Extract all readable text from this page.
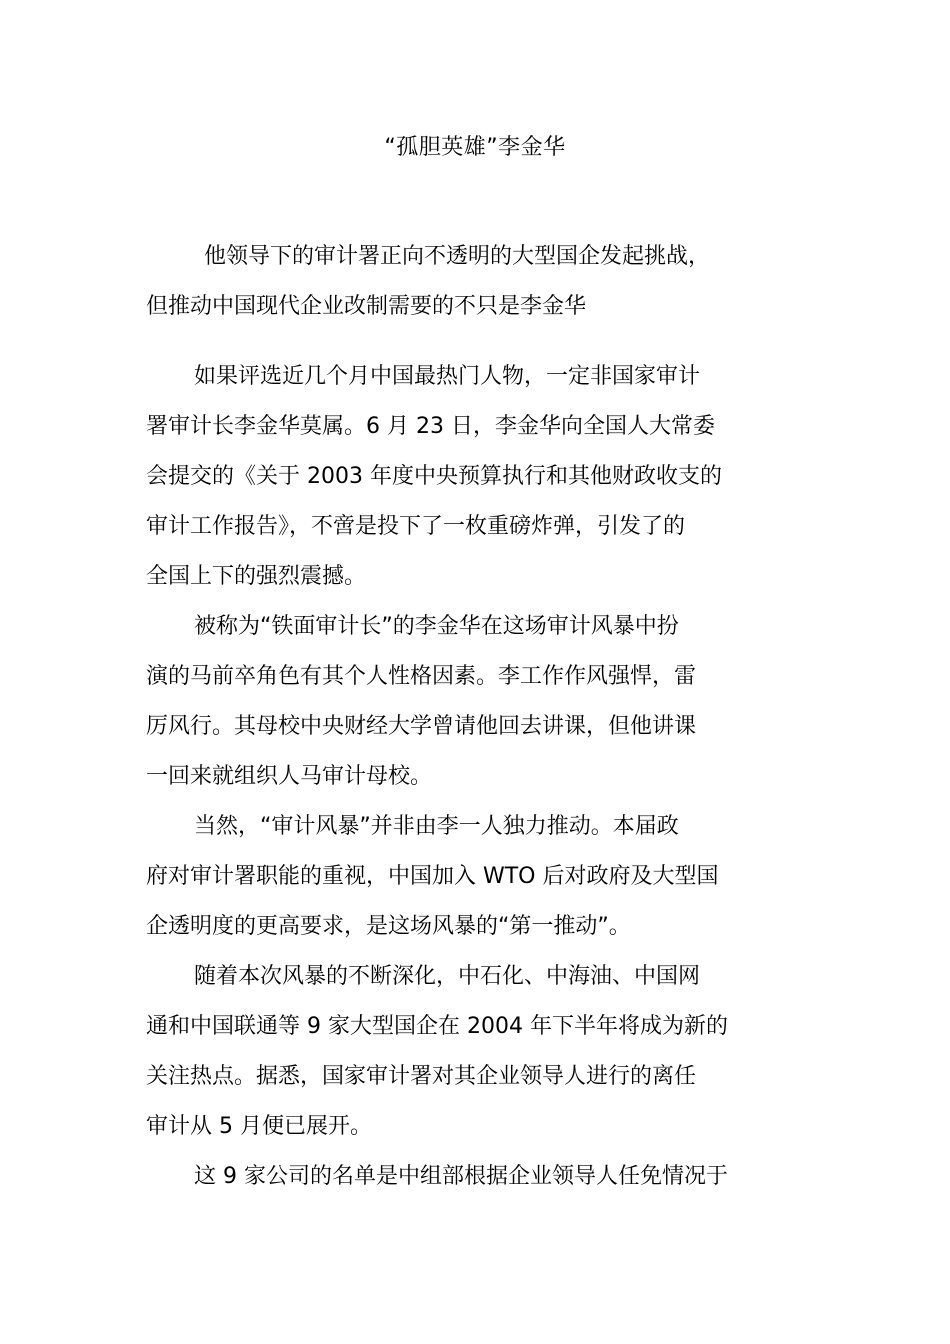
“孤胆英雄”李金华
他领导下的审计署正向不透明的大型国企发起挑战，
但推动中国现代企业改制需要的不只是李金华

如果评选近几个月中国最热门人物，一定非国家审计
署审计长李金华莫属。6 月 23 日，李金华向全国人大常委
会提交的《关于 2003 年度中央预算执行和其他财政收支的
审计工作报告》，不啻是投下了一枚重磅炸弹，引发了的
全国上下的强烈震撼。

被称为“铁面审计长”的李金华在这场审计风暴中扮
演的马前卒角色有其个人性格因素。李工作作风强悍，雷
厉风行。其母校中央财经大学曾请他回去讲课，但他讲课
一回来就组织人马审计母校。

当然，“审计风暴”并非由李一人独力推动。本届政
府对审计署职能的重视，中国加入 WTO 后对政府及大型国
企透明度的更高要求，是这场风暴的“第一推动”。

随着本次风暴的不断深化，中石化、中海油、中国网
通和中国联通等 9 家大型国企在 2004 年下半年将成为新的
关注热点。据悉，国家审计署对其企业领导人进行的离任
审计从 5 月便已展开。

这 9 家公司的名单是中组部根据企业领导人任免情况于
